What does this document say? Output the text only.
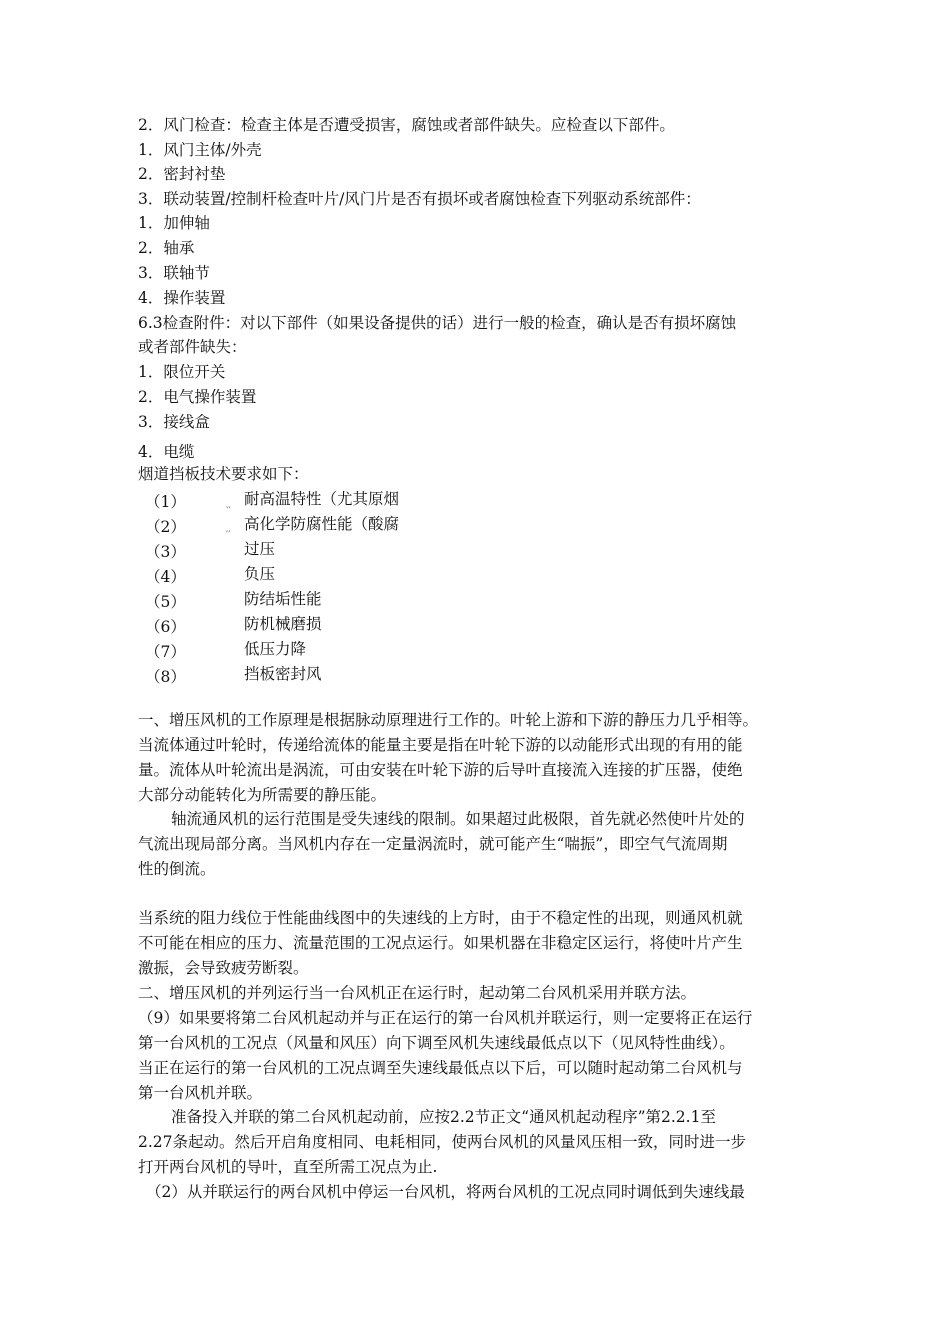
2．风门检查：检查主体是否遭受损害，腐蚀或者部件缺失。应检查以下部件。
1．风门主体/外壳
2．密封衬垫
3．联动装置/控制杆检查叶片/风门片是否有损坏或者腐蚀检查下列驱动系统部件：
1．加伸轴
2．轴承
3．联轴节
4．操作装置
6.3检查附件：对以下部件（如果设备提供的话）进行一般的检查，确认是否有损坏腐蚀
或者部件缺失：
1．限位开关
2．电气操作装置
3．接线盒
4．电缆
烟道挡板技术要求如下：
（1）	耐高温特性（尤其原烟
‵‵
（2）	高化学防腐性能（酸腐
′′
（3）	过压
（4）	负压
（5）	防结垢性能
（6）	防机械磨损
（7）	低压力降
（8）	挡板密封风
一、增压风机的工作原理是根据脉动原理进行工作的。叶轮上游和下游的静压力几乎相等。
当流体通过叶轮时，传递给流体的能量主要是指在叶轮下游的以动能形式出现的有用的能
量。流体从叶轮流出是涡流，可由安装在叶轮下游的后导叶直接流入连接的扩压器，使绝
大部分动能转化为所需要的静压能。
轴流通风机的运行范围是受失速线的限制。如果超过此极限，首先就必然使叶片处的
气流出现局部分离。当风机内存在一定量涡流时，就可能产生“喘振”，即空气气流周期
性的倒流。
当系统的阻力线位于性能曲线图中的失速线的上方时，由于不稳定性的出现，则通风机就
不可能在相应的压力、流量范围的工况点运行。如果机器在非稳定区运行，将使叶片产生
激振，会导致疲劳断裂。
二、增压风机的并列运行当一台风机正在运行时，起动第二台风机采用并联方法。
（9）如果要将第二台风机起动并与正在运行的第一台风机并联运行，则一定要将正在运行
第一台风机的工况点（风量和风压）向下调至风机失速线最低点以下（见风特性曲线）。
当正在运行的第一台风机的工况点调至失速线最低点以下后，可以随时起动第二台风机与
第一台风机并联。
准备投入并联的第二台风机起动前，应按2.2节正文“通风机起动程序”第2.2.1至
2.27条起动。然后开启角度相同、电耗相同，使两台风机的风量风压相一致，同时进一步
打开两台风机的导叶，直至所需工况点为止.
（2）从并联运行的两台风机中停运一台风机，将两台风机的工况点同时调低到失速线最
